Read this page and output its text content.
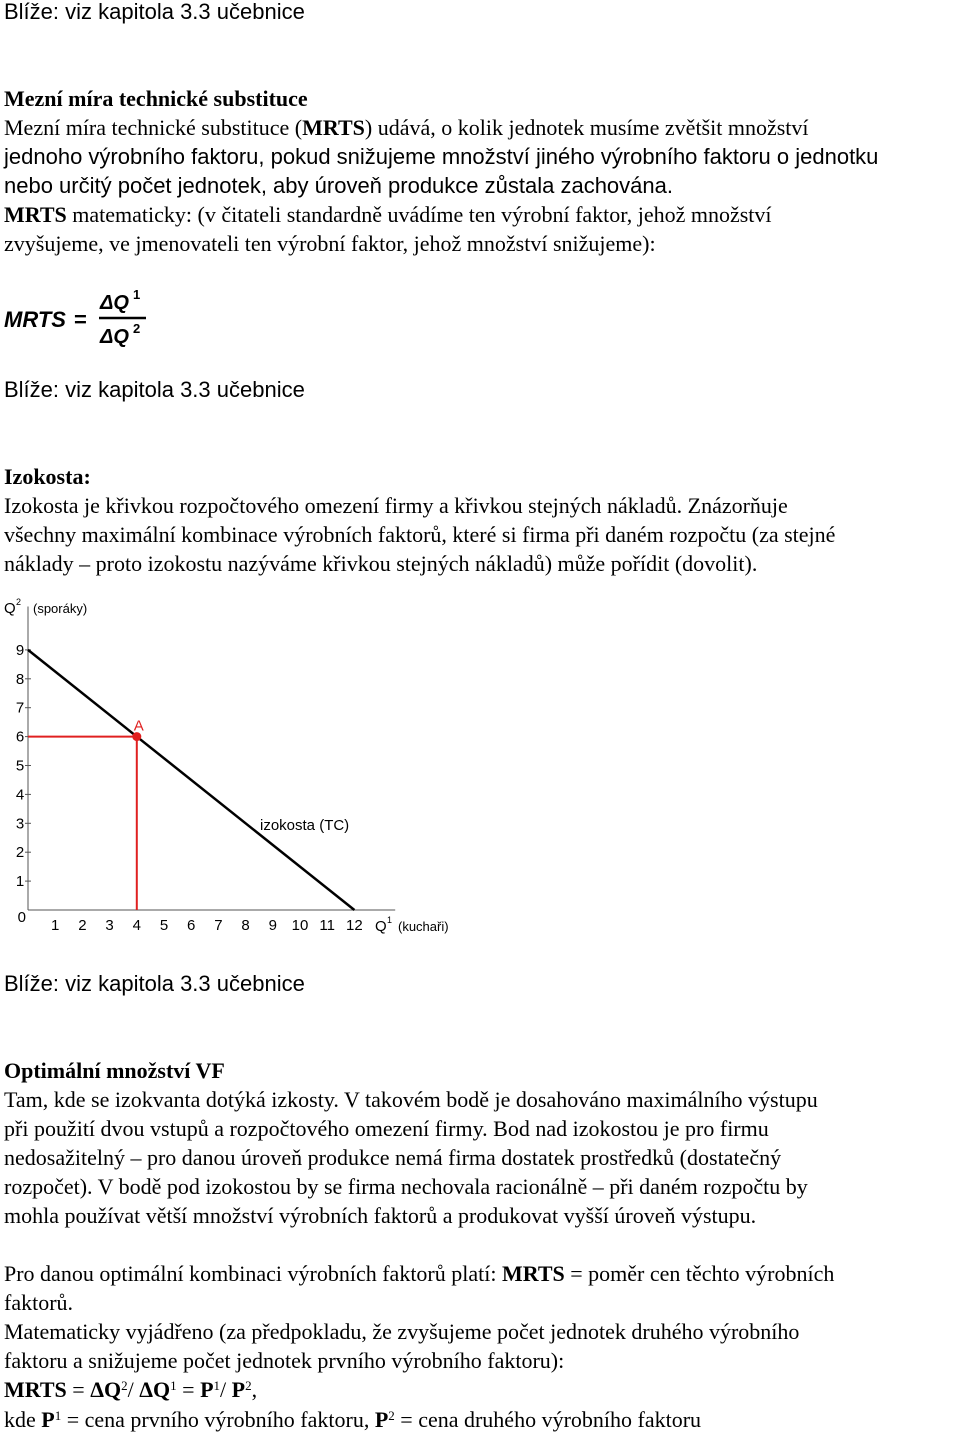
Blíže: viz kapitola 3.3 učebnice
Mezní míra technické substituce
Mezní míra technické substituce (MRTS) udává, o kolik jednotek musíme zvětšit množství
jednoho výrobního faktoru, pokud snižujeme množství jiného výrobního faktoru o jednotku
nebo určitý počet jednotek, aby úroveň produkce zůstala zachována.
MRTS matematicky: (v čitateli standardně uvádíme ten výrobní faktor, jehož množství
zvyšujeme, ve jmenovateli ten výrobní faktor, jehož množství snižujeme):
MRTS =
ΔQ 1
ΔQ 2
Blíže: viz kapitola 3.3 učebnice
Izokosta:
Izokosta je křivkou rozpočtového omezení firmy a křivkou stejných nákladů. Znázorňuje
všechny maximální kombinace výrobních faktorů, které si firma při daném rozpočtu (za stejné
náklady – proto izokostu nazýváme křivkou stejných nákladů) může pořídit (dovolit).
Q 2 (sporáky)
Q 1 (kuchaři)
1
2
3
4
5
6
7
8
9
1 2 3 4 5 6 7 8 9 10 11 12
izokosta (TC)
A
0
Blíže: viz kapitola 3.3 učebnice
Optimální množství VF
Tam, kde se izokvanta dotýká izkosty. V takovém bodě je dosahováno maximálního výstupu
při použití dvou vstupů a rozpočtového omezení firmy. Bod nad izokostou je pro firmu
nedosažitelný – pro danou úroveň produkce nemá firma dostatek prostředků (dostatečný
rozpočet). V bodě pod izokostou by se firma nechovala racionálně – při daném rozpočtu by
mohla používat větší množství výrobních faktorů a produkovat vyšší úroveň výstupu.
Pro danou optimální kombinaci výrobních faktorů platí: MRTS = poměr cen těchto výrobních
faktorů.
Matematicky vyjádřeno (za předpokladu, že zvyšujeme počet jednotek druhého výrobního
faktoru a snižujeme počet jednotek prvního výrobního faktoru):
MRTS = $\Delta Q^2/$ $\Delta Q^1 = P^1/$ $P^2$,
kde $P^1$ = cena prvního výrobního faktoru, $P^2$ = cena druhého výrobního faktoru
